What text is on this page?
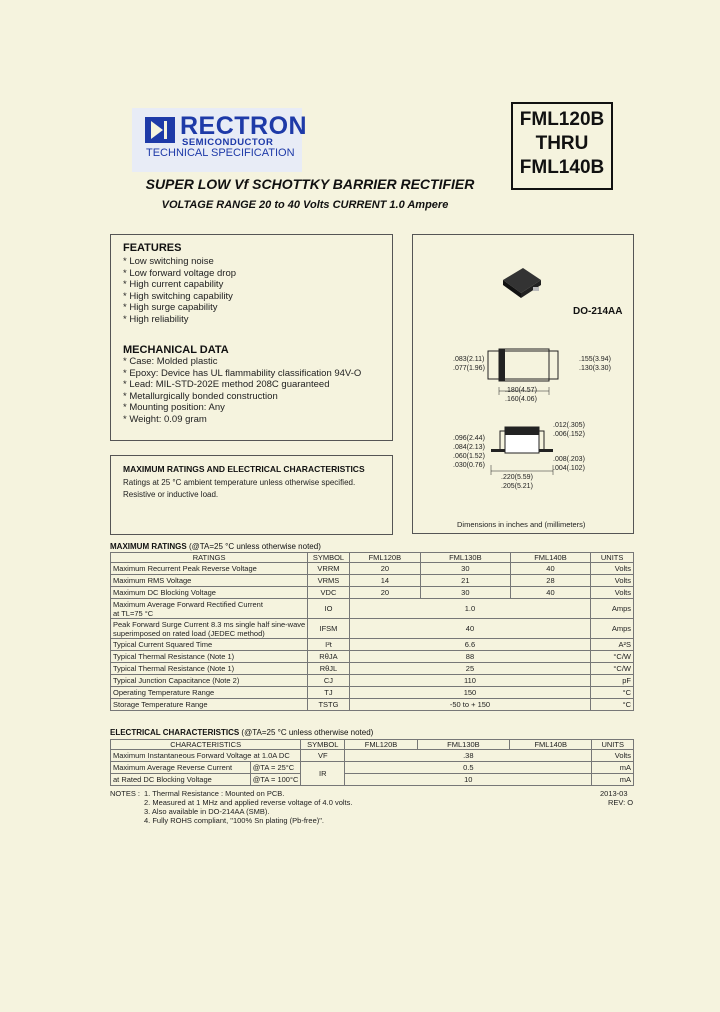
RECTRON
SEMICONDUCTOR
TECHNICAL SPECIFICATION
FML120B
THRU
FML140B
SUPER LOW Vf SCHOTTKY BARRIER RECTIFIER
VOLTAGE RANGE 20 to 40 Volts CURRENT 1.0 Ampere
FEATURES
* Low switching noise
* Low forward voltage drop
* High current capability
* High switching capability
* High surge capability
* High reliability
MECHANICAL DATA
* Case: Molded plastic
* Epoxy: Device has UL flammability classification 94V-O
* Lead: MIL-STD-202E method 208C guaranteed
* Metallurgically bonded construction
* Mounting position: Any
* Weight: 0.09 gram
DO-214AA
.083(2.11)
.077(1.96)
.155(3.94)
.130(3.30)
.180(4.57)
.160(4.06)
.012(.305)
.006(.152)
.096(2.44)
.084(2.13)
.060(1.52)
.030(0.76)
.008(.203)
.004(.102)
.220(5.59)
.205(5.21)
Dimensions in inches and (millimeters)
MAXIMUM RATINGS AND ELECTRICAL CHARACTERISTICS
Ratings at 25 °C ambient temperature unless otherwise specified.
Resistive or inductive load.
MAXIMUM RATINGS (@TA=25 °C unless otherwise noted)
RATINGS	SYMBOL	FML120B	FML130B	FML140B	UNITS
Maximum Recurrent Peak Reverse Voltage	VRRM	20	30	40	Volts
Maximum RMS Voltage	VRMS	14	21	28	Volts
Maximum DC Blocking Voltage	VDC	20	30	40	Volts

Maximum Average Forward Rectified Current
at TL=75 °C	IO	1.0			Amps

Peak Forward Surge Current 8.3 ms single half sine-wave
superimposed on rated load (JEDEC method)	IFSM	40			Amps
Typical Current Squared Time	I²t	6.6			A²S
Typical Thermal Resistance (Note 1)	RθJA	88			°C/W
Typical Thermal Resistance (Note 1)	RθJL	25			°C/W
Typical Junction Capacitance (Note 2)	CJ	110			pF
Operating Temperature Range	TJ	150			°C
Storage Temperature Range	TSTG	-50 to + 150			°C
ELECTRICAL CHARACTERISTICS (@TA=25 °C unless otherwise noted)
CHARACTERISTICS		SYMBOL	FML120B	FML130B	FML140B	UNITS
Maximum Instantaneous Forward Voltage at 1.0A DC		VF	.38			Volts
Maximum Average Reverse Current	@TA = 25°C	IR	0.5			mA
at Rated DC Blocking Voltage	@TA = 100°C		10			mA
NOTES : 1. Thermal Resistance : Mounted on PCB.
2. Measured at 1 MHz and applied reverse voltage of 4.0 volts.
3. Also available in DO-214AA (SMB).
4. Fully ROHS compliant, "100% Sn plating (Pb-free)".
2013-03
REV: O
